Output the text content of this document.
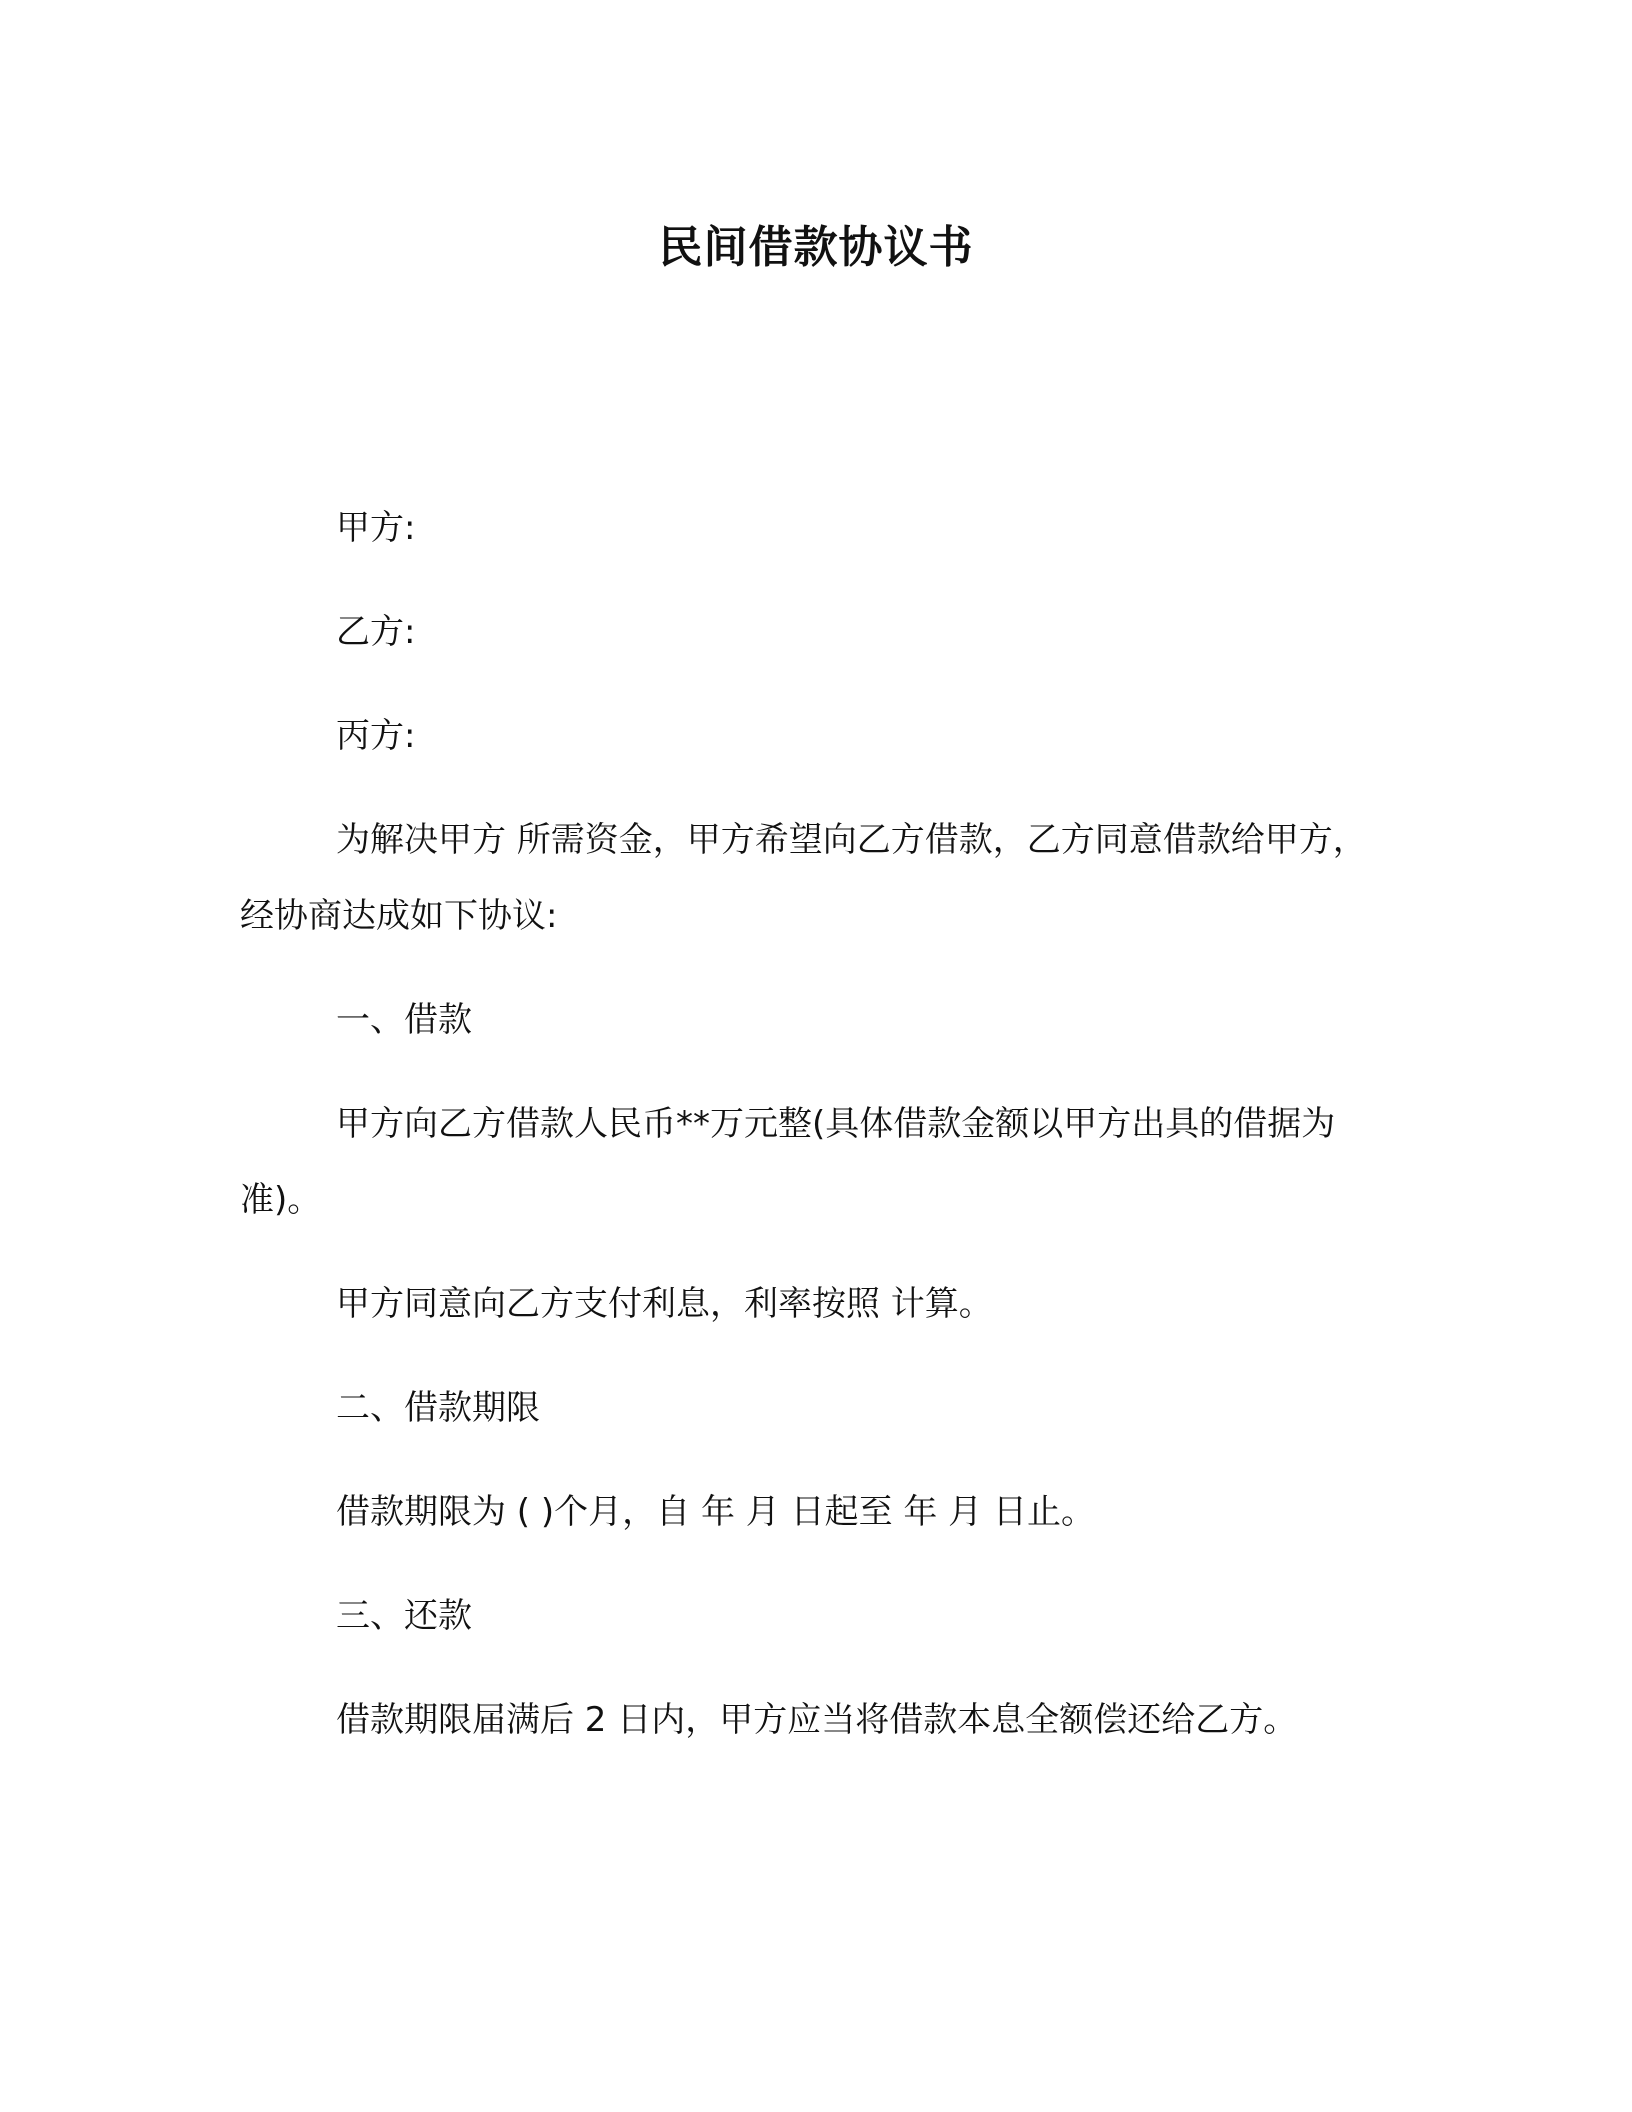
民间借款协议书

甲方:

乙方:

丙方:

为解决甲方 所需资金，甲方希望向乙方借款，乙方同意借款给甲方，经协商达成如下协议:

一、借款

甲方向乙方借款人民币**万元整(具体借款金额以甲方出具的借据为准)。

甲方同意向乙方支付利息，利率按照 计算。

二、借款期限

借款期限为 ( )个月，自 年 月 日起至 年 月 日止。

三、还款

借款期限届满后 2 日内，甲方应当将借款本息全额偿还给乙方。
